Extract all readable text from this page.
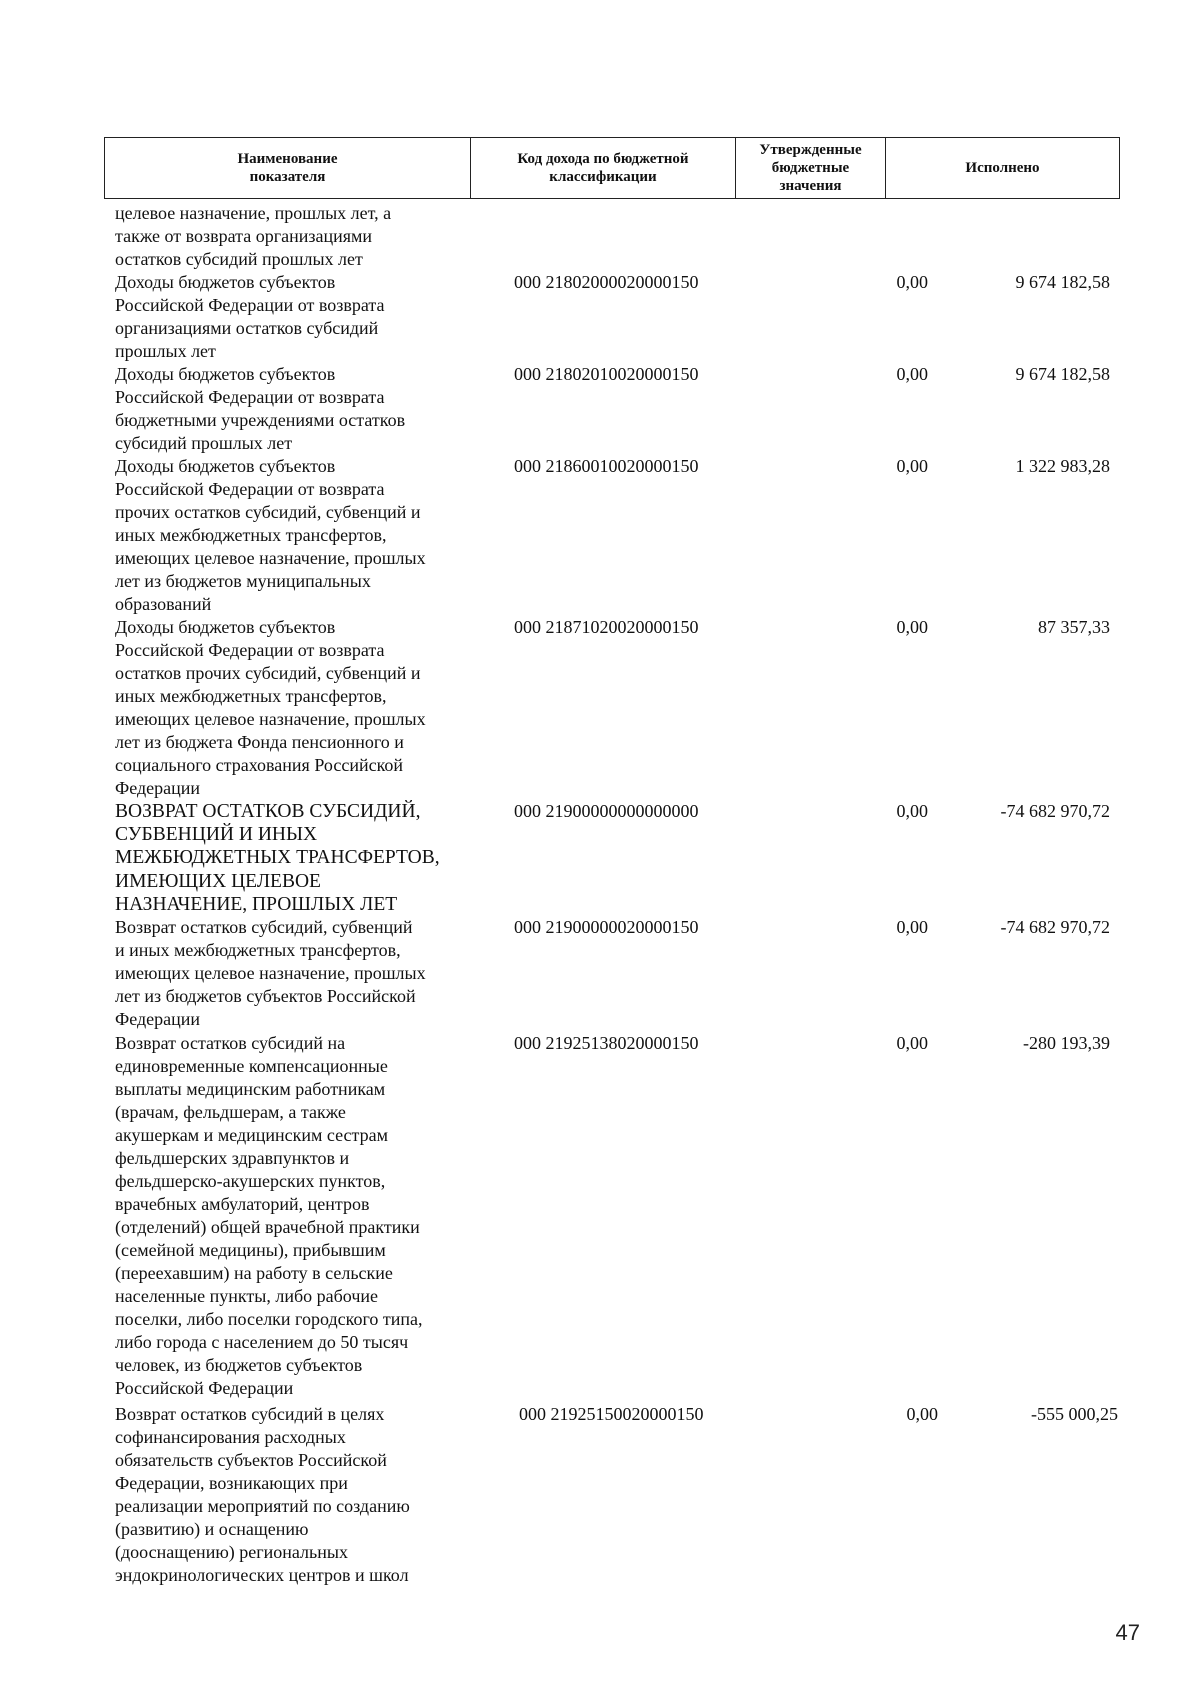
Наименование
показателя
Код дохода по бюджетной
классификации
Утвержденные
бюджетные
значения
Исполнено
целевое назначение, прошлых лет, а
также от возврата организациями
остатков субсидий прошлых лет
Доходы бюджетов субъектов
Российской Федерации от возврата
организациями остатков субсидий
прошлых лет
000 21802000020000150	0,00	9 674 182,58
Доходы бюджетов субъектов
Российской Федерации от возврата
бюджетными учреждениями остатков
субсидий прошлых лет
000 21802010020000150	0,00	9 674 182,58
Доходы бюджетов субъектов
Российской Федерации от возврата
прочих остатков субсидий, субвенций и
иных межбюджетных трансфертов,
имеющих целевое назначение, прошлых
лет из бюджетов муниципальных
образований
000 21860010020000150	0,00	1 322 983,28
Доходы бюджетов субъектов
Российской Федерации от возврата
остатков прочих субсидий, субвенций и
иных межбюджетных трансфертов,
имеющих целевое назначение, прошлых
лет из бюджета Фонда пенсионного и
социального страхования Российской
Федерации
000 21871020020000150	0,00	87 357,33
ВОЗВРАТ ОСТАТКОВ СУБСИДИЙ,
СУБВЕНЦИЙ И ИНЫХ
МЕЖБЮДЖЕТНЫХ ТРАНСФЕРТОВ,
ИМЕЮЩИХ ЦЕЛЕВОЕ
НАЗНАЧЕНИЕ, ПРОШЛЫХ ЛЕТ
000 21900000000000000	0,00	-74 682 970,72
Возврат остатков субсидий, субвенций
и иных межбюджетных трансфертов,
имеющих целевое назначение, прошлых
лет из бюджетов субъектов Российской
Федерации
000 21900000020000150	0,00	-74 682 970,72
Возврат остатков субсидий на
единовременные компенсационные
выплаты медицинским работникам
(врачам, фельдшерам, а также
акушеркам и медицинским сестрам
фельдшерских здравпунктов и
фельдшерско-акушерских пунктов,
врачебных амбулаторий, центров
(отделений) общей врачебной практики
(семейной медицины), прибывшим
(переехавшим) на работу в сельские
населенные пункты, либо рабочие
поселки, либо поселки городского типа,
либо города с населением до 50 тысяч
человек, из бюджетов субъектов
Российской Федерации
000 21925138020000150	0,00	-280 193,39
Возврат остатков субсидий в целях
софинансирования расходных
обязательств субъектов Российской
Федерации, возникающих при
реализации мероприятий по созданию
(развитию) и оснащению
(дооснащению) региональных
эндокринологических центров и школ
000 21925150020000150	0,00	-555 000,25
47
